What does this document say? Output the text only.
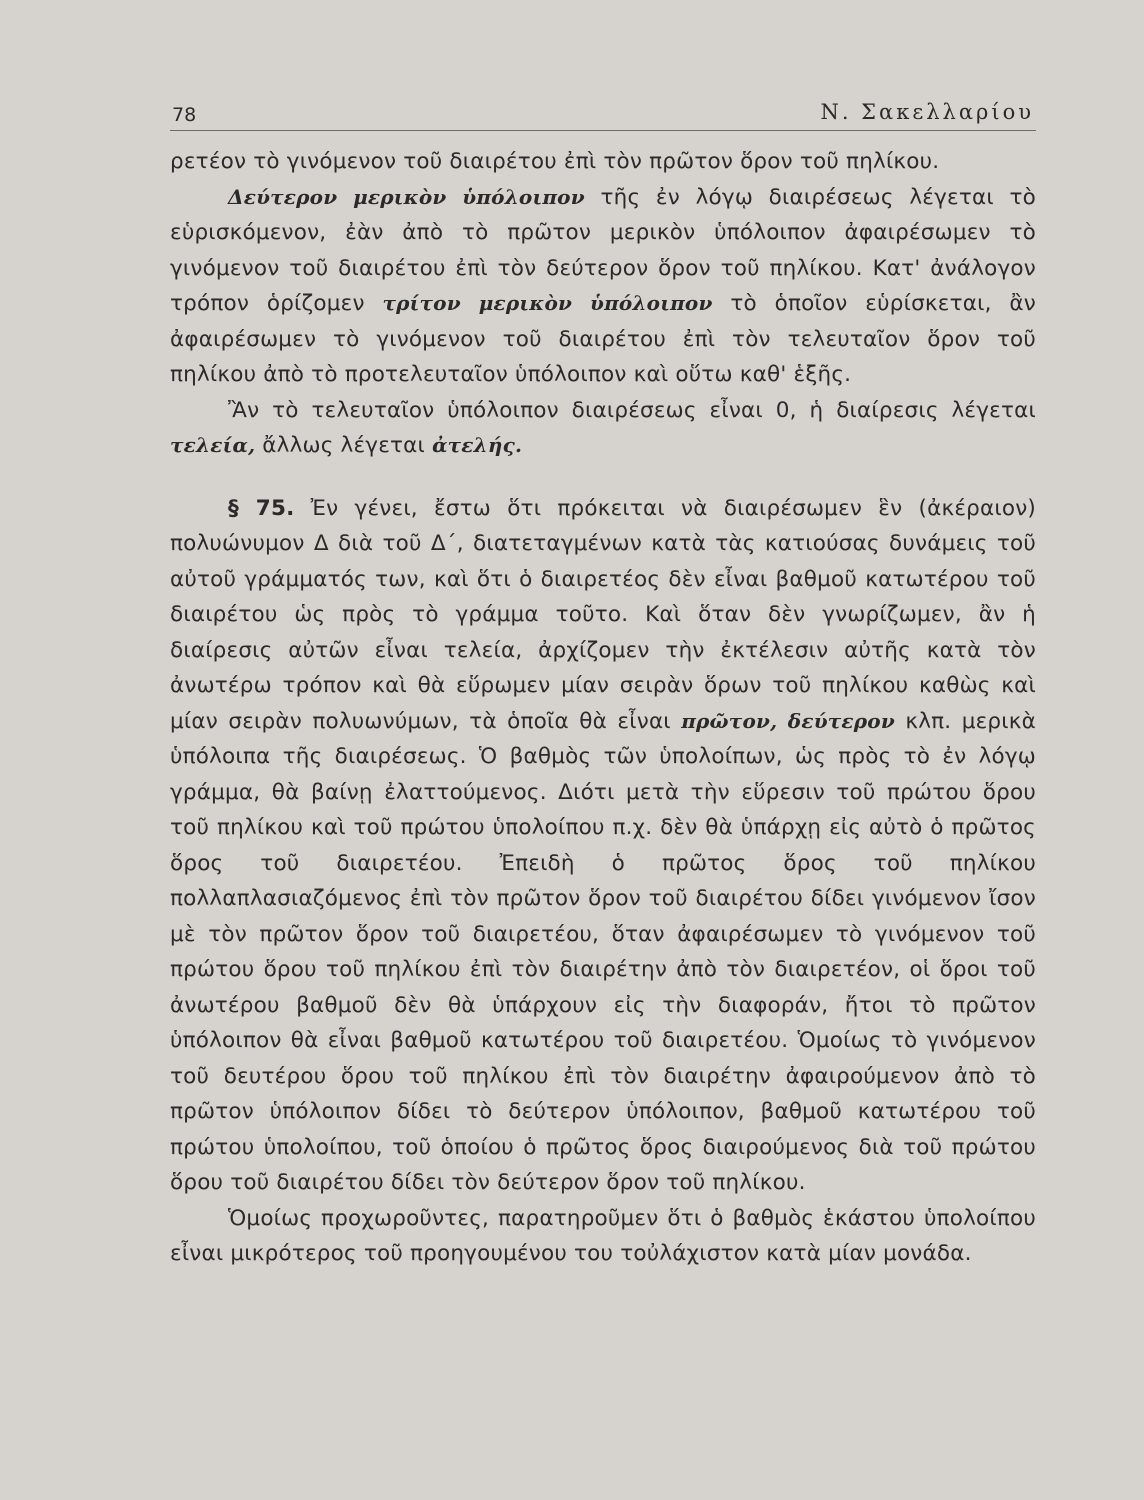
78	Ν. Σακελλαρίου

ρετέον τὸ γινόμενον τοῦ διαιρέτου ἐπὶ τὸν πρῶτον ὅρον τοῦ πηλίκου.

Δεύτερον μερικὸν ὑπόλοιπον τῆς ἐν λόγῳ διαιρέσεως λέγεται τὸ εὑρισκόμενον, ἐὰν ἀπὸ τὸ πρῶτον μερικὸν ὑπόλοιπον ἀφαιρέσωμεν τὸ γινόμενον τοῦ διαιρέτου ἐπὶ τὸν δεύτερον ὅρον τοῦ πηλίκου. Κατ' ἀνάλογον τρόπον ὁρίζομεν τρίτον μερικὸν ὑπόλοιπον τὸ ὁποῖον εὑρίσκεται, ἂν ἀφαιρέσωμεν τὸ γινόμενον τοῦ διαιρέτου ἐπὶ τὸν τελευταῖον ὅρον τοῦ πηλίκου ἀπὸ τὸ προτελευταῖον ὑπόλοιπον καὶ οὕτω καθ' ἑξῆς.

Ἂν τὸ τελευταῖον ὑπόλοιπον διαιρέσεως εἶναι 0, ἡ διαίρεσις λέγεται τελεία, ἄλλως λέγεται ἀτελής.

§ 75. Ἐν γένει, ἔστω ὅτι πρόκειται νὰ διαιρέσωμεν ἓν (ἀκέραιον) πολυώνυμον Δ διὰ τοῦ Δ΄, διατεταγμένων κατὰ τὰς κατιούσας δυνάμεις τοῦ αὐτοῦ γράμματός των, καὶ ὅτι ὁ διαιρετέος δὲν εἶναι βαθμοῦ κατωτέρου τοῦ διαιρέτου ὡς πρὸς τὸ γράμμα τοῦτο. Καὶ ὅταν δὲν γνωρίζωμεν, ἂν ἡ διαίρεσις αὐτῶν εἶναι τελεία, ἀρχίζομεν τὴν ἐκτέλεσιν αὐτῆς κατὰ τὸν ἀνωτέρω τρόπον καὶ θὰ εὕρωμεν μίαν σειρὰν ὅρων τοῦ πηλίκου καθὼς καὶ μίαν σειρὰν πολυωνύμων, τὰ ὁποῖα θὰ εἶναι πρῶτον, δεύτερον κλπ. μερικὰ ὑπόλοιπα τῆς διαιρέσεως. Ὁ βαθμὸς τῶν ὑπολοίπων, ὡς πρὸς τὸ ἐν λόγῳ γράμμα, θὰ βαίνῃ ἐλαττούμενος. Διότι μετὰ τὴν εὕρεσιν τοῦ πρώτου ὅρου τοῦ πηλίκου καὶ τοῦ πρώτου ὑπολοίπου π.χ. δὲν θὰ ὑπάρχῃ εἰς αὐτὸ ὁ πρῶτος ὅρος τοῦ διαιρετέου. Ἐπειδὴ ὁ πρῶτος ὅρος τοῦ πηλίκου πολλαπλασιαζόμενος ἐπὶ τὸν πρῶτον ὅρον τοῦ διαιρέτου δίδει γινόμενον ἴσον μὲ τὸν πρῶτον ὅρον τοῦ διαιρετέου, ὅταν ἀφαιρέσωμεν τὸ γινόμενον τοῦ πρώτου ὅρου τοῦ πηλίκου ἐπὶ τὸν διαιρέτην ἀπὸ τὸν διαιρετέον, οἱ ὅροι τοῦ ἀνωτέρου βαθμοῦ δὲν θὰ ὑπάρχουν εἰς τὴν διαφοράν, ἤτοι τὸ πρῶτον ὑπόλοιπον θὰ εἶναι βαθμοῦ κατωτέρου τοῦ διαιρετέου. Ὁμοίως τὸ γινόμενον τοῦ δευτέρου ὅρου τοῦ πηλίκου ἐπὶ τὸν διαιρέτην ἀφαιρούμενον ἀπὸ τὸ πρῶτον ὑπόλοιπον δίδει τὸ δεύτερον ὑπόλοιπον, βαθμοῦ κατωτέρου τοῦ πρώτου ὑπολοίπου, τοῦ ὁποίου ὁ πρῶτος ὅρος διαιρούμενος διὰ τοῦ πρώτου ὅρου τοῦ διαιρέτου δίδει τὸν δεύτερον ὅρον τοῦ πηλίκου.

Ὁμοίως προχωροῦντες, παρατηροῦμεν ὅτι ὁ βαθμὸς ἑκάστου ὑπολοίπου εἶναι μικρότερος τοῦ προηγουμένου του τοὐλάχιστον κατὰ μίαν μονάδα.
